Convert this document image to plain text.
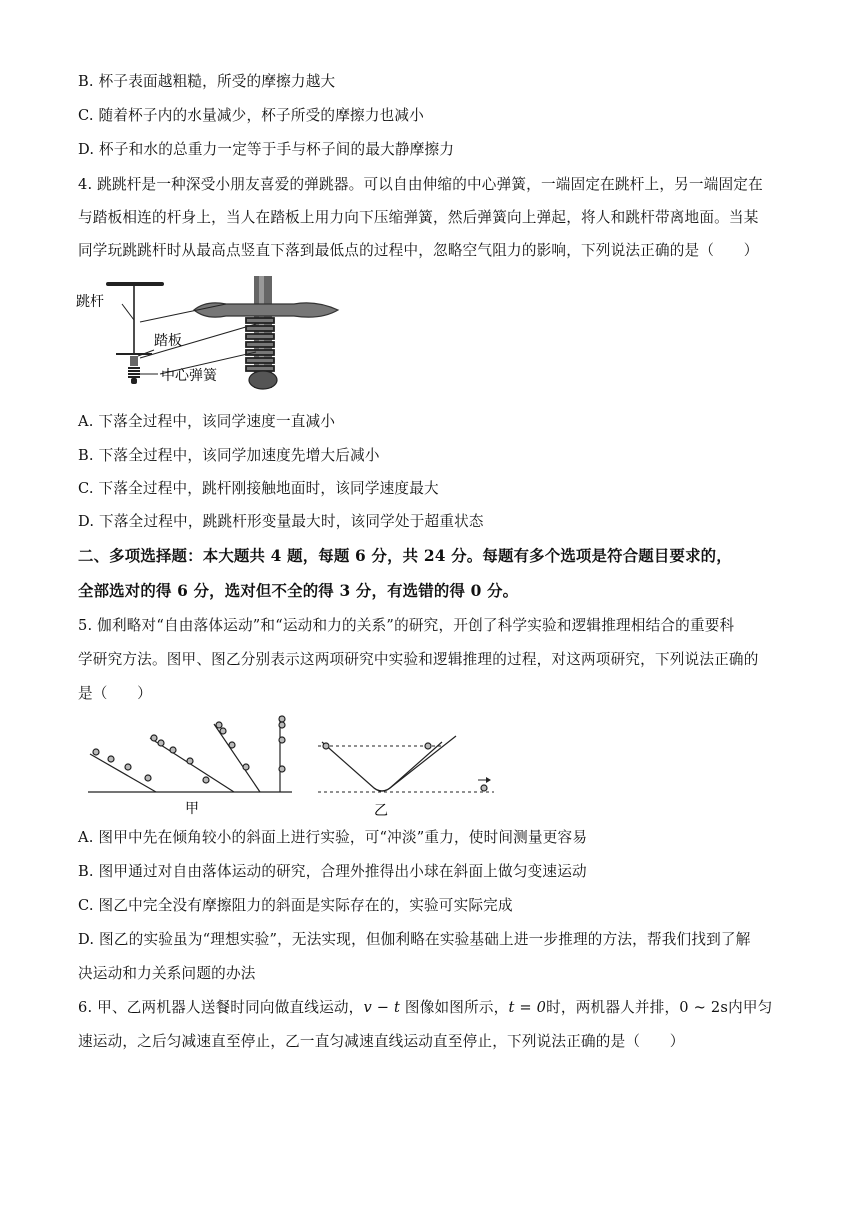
B. 杯子表面越粗糙，所受的摩擦力越大
C. 随着杯子内的水量减少，杯子所受的摩擦力也减小
D. 杯子和水的总重力一定等于手与杯子间的最大静摩擦力
4. 跳跳杆是一种深受小朋友喜爱的弹跳器。可以自由伸缩的中心弹簧，一端固定在跳杆上，另一端固定在
与踏板相连的杆身上，当人在踏板上用力向下压缩弹簧，然后弹簧向上弹起，将人和跳杆带离地面。当某
同学玩跳跳杆时从最高点竖直下落到最低点的过程中，忽略空气阻力的影响，下列说法正确的是（　　）
跳杆
踏板
中心弹簧
A. 下落全过程中，该同学速度一直减小
B. 下落全过程中，该同学加速度先增大后减小
C. 下落全过程中，跳杆刚接触地面时，该同学速度最大
D. 下落全过程中，跳跳杆形变量最大时，该同学处于超重状态
二、多项选择题：本大题共 4 题，每题 6 分，共 24 分。每题有多个选项是符合题目要求的，
全部选对的得 6 分，选对但不全的得 3 分，有选错的得 0 分。
5. 伽利略对“自由落体运动”和“运动和力的关系”的研究，开创了科学实验和逻辑推理相结合的重要科
学研究方法。图甲、图乙分别表示这两项研究中实验和逻辑推理的过程，对这两项研究，下列说法正确的
是（　　）
甲	乙
A. 图甲中先在倾角较小的斜面上进行实验，可“冲淡”重力，使时间测量更容易
B. 图甲通过对自由落体运动的研究，合理外推得出小球在斜面上做匀变速运动
C. 图乙中完全没有摩擦阻力的斜面是实际存在的，实验可实际完成
D. 图乙的实验虽为“理想实验”，无法实现，但伽利略在实验基础上进一步推理的方法，帮我们找到了解
决运动和力关系问题的办法
6. 甲、乙两机器人送餐时同向做直线运动，v − t 图像如图所示，t = 0时，两机器人并排，0 ~ 2s内甲匀
速运动，之后匀减速直至停止，乙一直匀减速直线运动直至停止，下列说法正确的是（　　）
